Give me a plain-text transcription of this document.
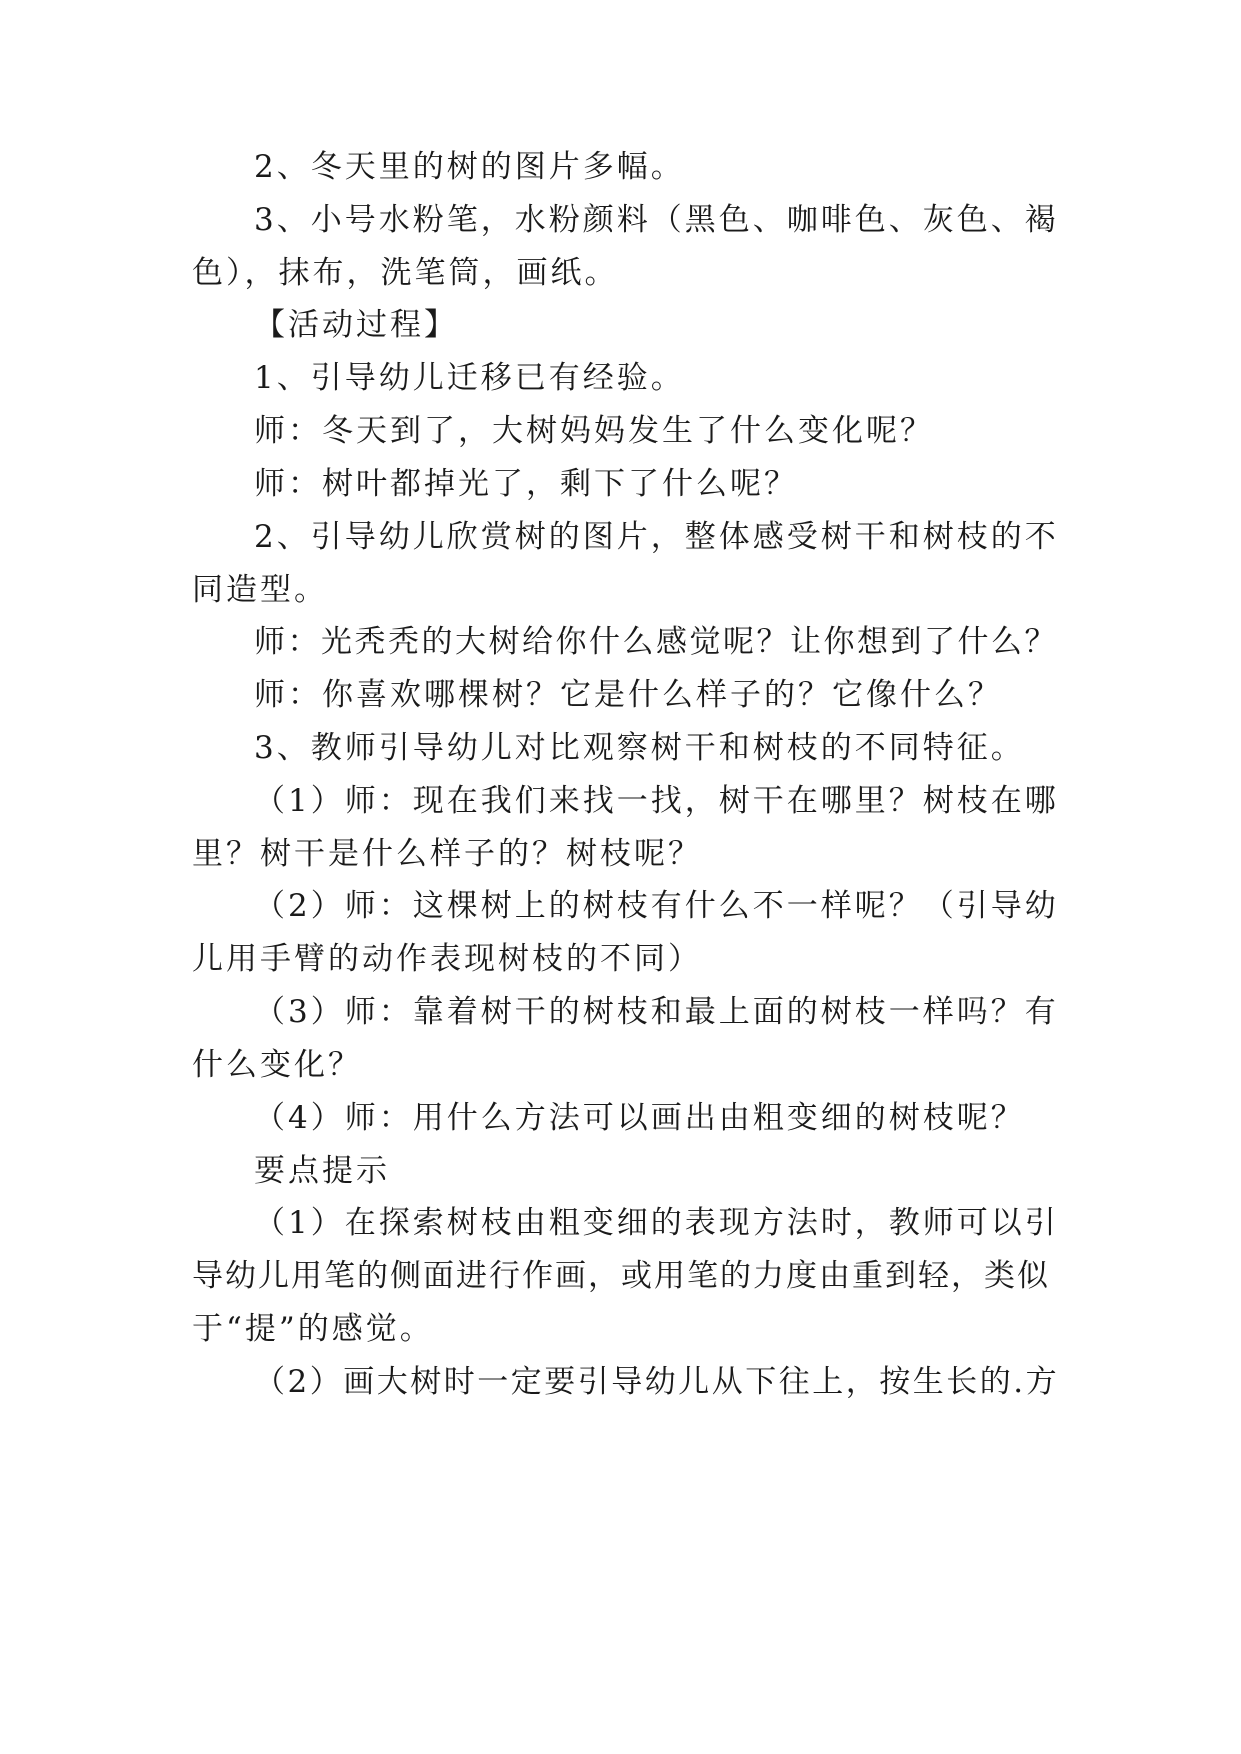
2、冬天里的树的图片多幅。
3、小号水粉笔，水粉颜料（黑色、咖啡色、灰色、褐
色），抹布，洗笔筒，画纸。
【活动过程】
1、引导幼儿迁移已有经验。
师：冬天到了，大树妈妈发生了什么变化呢？
师：树叶都掉光了，剩下了什么呢？
2、引导幼儿欣赏树的图片，整体感受树干和树枝的不
同造型。
师：光秃秃的大树给你什么感觉呢？让你想到了什么？
师：你喜欢哪棵树？它是什么样子的？它像什么？
3、教师引导幼儿对比观察树干和树枝的不同特征。
（1）师：现在我们来找一找，树干在哪里？树枝在哪
里？树干是什么样子的？树枝呢？
（2）师：这棵树上的树枝有什么不一样呢？（引导幼
儿用手臂的动作表现树枝的不同）
（3）师：靠着树干的树枝和最上面的树枝一样吗？有
什么变化？
（4）师：用什么方法可以画出由粗变细的树枝呢？
要点提示
（1）在探索树枝由粗变细的表现方法时，教师可以引
导幼儿用笔的侧面进行作画，或用笔的力度由重到轻，类似
于“提”的感觉。
（2）画大树时一定要引导幼儿从下往上，按生长的.方
